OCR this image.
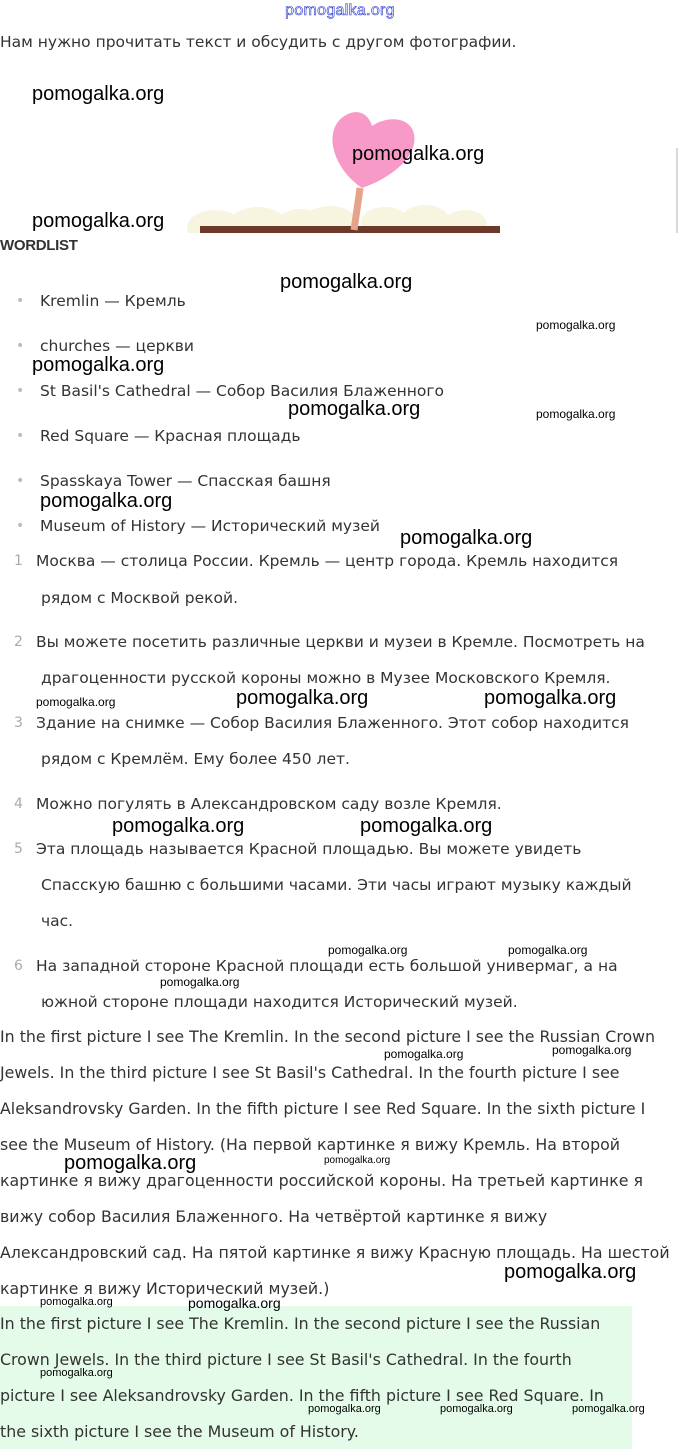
pomogalka.org
Нам нужно прочитать текст и обсудить с другом фотографии.
WORDLIST
• Kremlin — Кремль
• churches — церкви
• St Basil's Cathedral — Собор Василия Блаженного
• Red Square — Красная площадь
• Spasskaya Tower — Спасская башня
• Museum of History — Исторический музей
1 Москва — столица России. Кремль — центр города. Кремль находится
рядом с Москвой рекой.
2 Вы можете посетить различные церкви и музеи в Кремле. Посмотреть на
драгоценности русской короны можно в Музее Московского Кремля.
3 Здание на снимке — Собор Василия Блаженного. Этот собор находится
рядом с Кремлём. Ему более 450 лет.
4 Можно погулять в Александровском саду возле Кремля.
5 Эта площадь называется Красной площадью. Вы можете увидеть
Спасскую башню с большими часами. Эти часы играют музыку каждый
час.
6 На западной стороне Красной площади есть большой универмаг, а на
южной стороне площади находится Исторический музей.
In the first picture I see The Kremlin. In the second picture I see the Russian Crown
Jewels. In the third picture I see St Basil's Cathedral. In the fourth picture I see
Aleksandrovsky Garden. In the fifth picture I see Red Square. In the sixth picture I
see the Museum of History. (На первой картинке я вижу Кремль. На второй
картинке я вижу драгоценности российской короны. На третьей картинке я
вижу собор Василия Блаженного. На четвёртой картинке я вижу
Александровский сад. На пятой картинке я вижу Красную площадь. На шестой
картинке я вижу Исторический музей.)
In the first picture I see The Kremlin. In the second picture I see the Russian
Crown Jewels. In the third picture I see St Basil's Cathedral. In the fourth
picture I see Aleksandrovsky Garden. In the fifth picture I see Red Square. In
the sixth picture I see the Museum of History.
pomogalka.org
pomogalka.org
pomogalka.org
pomogalka.org
pomogalka.org
pomogalka.org
pomogalka.org	pomogalka.org
pomogalka.org
pomogalka.org
pomogalka.org	pomogalka.org	pomogalka.org
pomogalka.org	pomogalka.org
pomogalka.org	pomogalka.org
pomogalka.org
pomogalka.org	pomogalka.org
pomogalka.org	pomogalka.org
pomogalka.org
pomogalka.org	pomogalka.org
pomogalka.org
pomogalka.org	pomogalka.org	pomogalka.org
